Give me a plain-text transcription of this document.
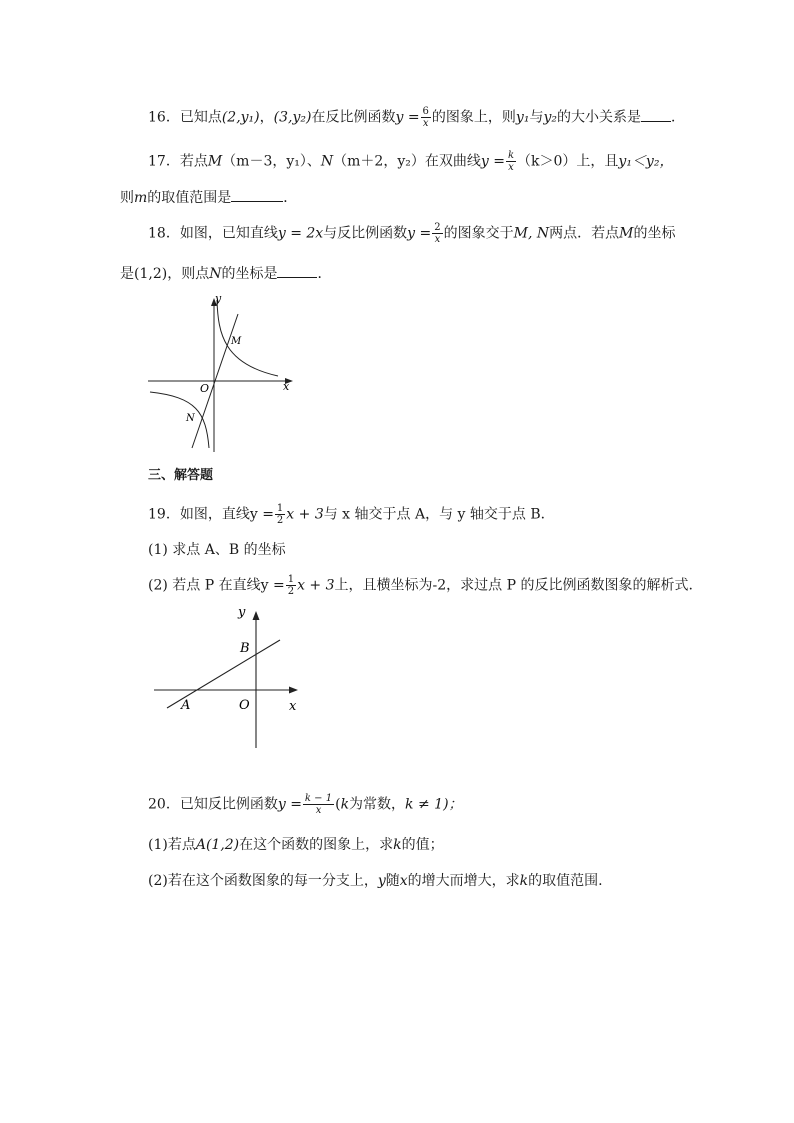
16．已知点(2,y₁)，(3,y₂)在反比例函数$y = \frac{6}{x}$ 的图象上，则y₁与y₂的大小关系是 ．
17．若点M（m－3，y₁）、N（m＋2，y₂）在双曲线$y = \frac{k}{x} (k>0)$上，且y₁＜y₂，
则m的取值范围是	．
18．如图，已知直线y = 2x与反比例函数$y = \frac{2}{x}$ 的图象交于M, N两点．若点M的坐标
是(1,2)，则点N的坐标是	．
y
x
O
M
N
三、解答题
19．如图，直线$y = \frac{1}{2}$ x + 3与 x 轴交于点 A，与 y 轴交于点 B．
(1) 求点 A、B 的坐标
(2) 若点 P 在直线$y = \frac{1}{2}$ x + 3上，且横坐标为-2，求过点 P 的反比例函数图象的解析式.
y
x
O
A
B
20．已知反比例函数$y = \frac{k - 1}{x} (k$为常数，k ≠ 1)；
(1)若点A(1,2)在这个函数的图象上，求k的值；
(2)若在这个函数图象的每一分支上，y随x的增大而增大，求k的取值范围.
